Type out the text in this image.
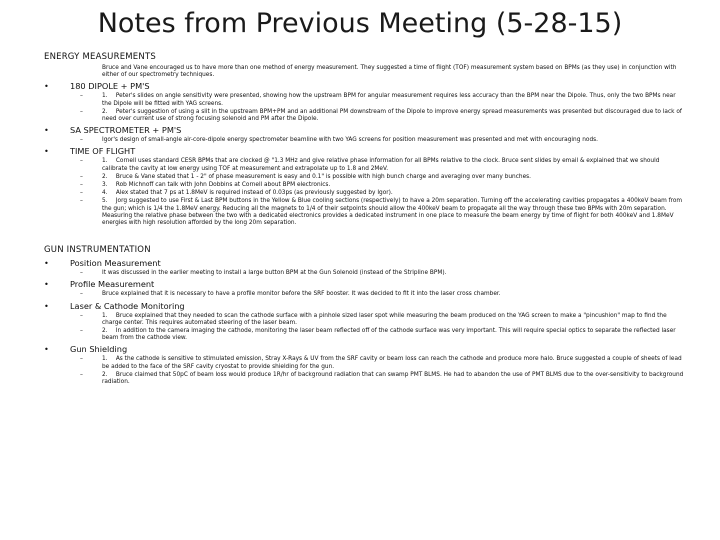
Notes from Previous Meeting (5-28-15)
ENERGY MEASUREMENTS
Bruce and Vane encouraged us to have more than one method of energy measurement. They suggested a time of flight (TOF) measurement system based on BPMs (as they use) in conjunction with either of our spectrometry techniques.
•	180 DIPOLE + PM'S
–	1. Peter's slides on angle sensitivity were presented, showing how the upstream BPM for angular measurement requires less accuracy than the BPM near the Dipole. Thus, only the two BPMs near the Dipole will be fitted with YAG screens.
–	2. Peter's suggestion of using a slit in the upstream BPM+PM and an additional PM downstream of the Dipole to improve energy spread measurements was presented but discouraged due to lack of need over current use of strong focusing solenoid and PM after the Dipole.
•	SA SPECTROMETER + PM'S
–	Igor's design of small-angle air-core-dipole energy spectrometer beamline with two YAG screens for position measurement was presented and met with encouraging nods.
•	TIME OF FLIGHT
–	1. Cornell uses standard CESR BPMs that are clocked @ "1.3 MHz and give relative phase information for all BPMs relative to the clock. Bruce sent slides by email & explained that we should calibrate the cavity at low energy using TOF at measurement and extrapolate up to 1.8 and 2MeV.
–	2. Bruce & Vane stated that 1 - 2" of phase measurement is easy and 0.1" is possible with high bunch charge and averaging over many bunches.
–	3. Rob Michnoff can talk with John Dobbins at Cornell about BPM electronics.
–	4. Alex stated that 7 ps at 1.8MeV is required instead of 0.03ps (as previously suggested by Igor).
–	5. Jorg suggested to use First & Last BPM buttons in the Yellow & Blue cooling sections (respectively) to have a 20m separation. Turning off the accelerating cavities propagates a 400keV beam from the gun; which is 1/4 the 1.8MeV energy. Reducing all the magnets to 1/4 of their setpoints should allow the 400keV beam to propagate all the way through these two BPMs with 20m separation. Measuring the relative phase between the two with a dedicated electronics provides a dedicated instrument in one place to measure the beam energy by time of flight for both 400keV and 1.8MeV energies with high resolution afforded by the long 20m separation.
GUN INSTRUMENTATION
•	Position Measurement
–	It was discussed in the earlier meeting to install a large button BPM at the Gun Solenoid (instead of the Stripline BPM).
•	Profile Measurement
–	Bruce explained that it is necessary to have a profile monitor before the SRF booster. It was decided to fit it into the laser cross chamber.
•	Laser & Cathode Monitoring
–	1. Bruce explained that they needed to scan the cathode surface with a pinhole sized laser spot while measuring the beam produced on the YAG screen to make a "pincushion" map to find the charge center. This requires automated steering of the laser beam.
–	2. In addition to the camera imaging the cathode, monitoring the laser beam reflected off of the cathode surface was very important. This will require special optics to separate the reflected laser beam from the cathode view.
•	Gun Shielding
–	1. As the cathode is sensitive to stimulated emission, Stray X-Rays & UV from the SRF cavity or beam loss can reach the cathode and produce more halo. Bruce suggested a couple of sheets of lead be added to the face of the SRF cavity cryostat to provide shielding for the gun.
–	2. Bruce claimed that 50pC of beam loss would produce 1R/hr of background radiation that can swamp PMT BLMS. He had to abandon the use of PMT BLMS due to the over-sensitivity to background radiation.
